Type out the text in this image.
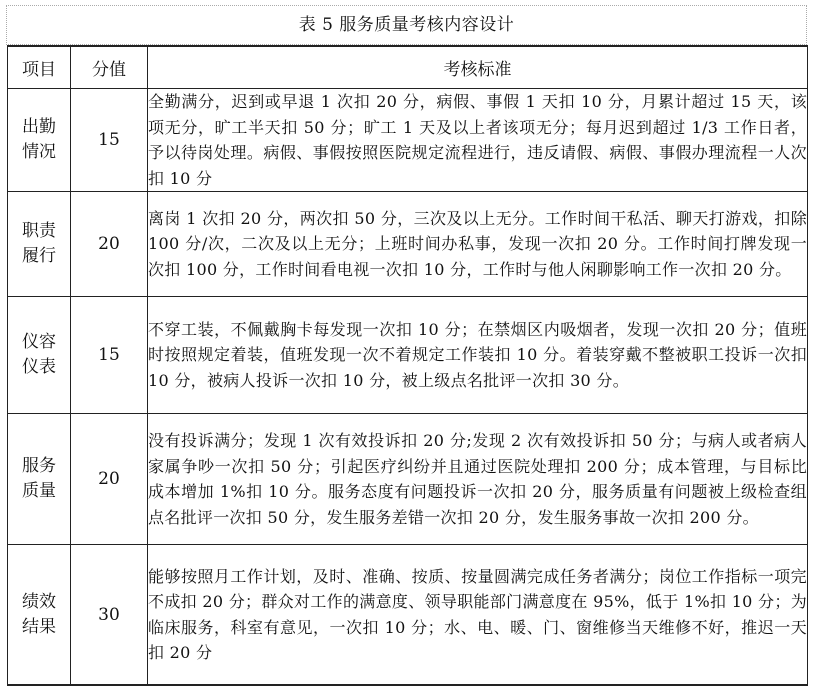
表 5 服务质量考核内容设计
项目	分值	考核标准

出勤
情况	15	全勤满分，迟到或早退 1 次扣 20 分，病假、事假 1 天扣 10 分，月累计超过 15 天，该项无分，旷工半天扣 50 分；旷工 1 天及以上者该项无分；每月迟到超过 1/3 工作日者，予以待岗处理。病假、事假按照医院规定流程进行，违反请假、病假、事假办理流程一人次扣 10 分

职责
履行	20	离岗 1 次扣 20 分，两次扣 50 分，三次及以上无分。工作时间干私活、聊天打游戏，扣除 100 分/次，二次及以上无分；上班时间办私事，发现一次扣 20 分。工作时间打牌发现一次扣 100 分，工作时间看电视一次扣 10 分，工作时与他人闲聊影响工作一次扣 20 分。

仪容
仪表	15	不穿工装，不佩戴胸卡每发现一次扣 10 分；在禁烟区内吸烟者，发现一次扣 20 分；值班时按照规定着装，值班发现一次不着规定工作装扣 10 分。着装穿戴不整被职工投诉一次扣 10 分，被病人投诉一次扣 10 分，被上级点名批评一次扣 30 分。

服务
质量	20	没有投诉满分；发现 1 次有效投诉扣 20 分;发现 2 次有效投诉扣 50 分；与病人或者病人家属争吵一次扣 50 分；引起医疗纠纷并且通过医院处理扣 200 分；成本管理，与目标比成本增加 1%扣 10 分。服务态度有问题投诉一次扣 20 分，服务质量有问题被上级检查组点名批评一次扣 50 分，发生服务差错一次扣 20 分，发生服务事故一次扣 200 分。

绩效
结果	30	能够按照月工作计划，及时、准确、按质、按量圆满完成任务者满分；岗位工作指标一项完不成扣 20 分；群众对工作的满意度、领导职能部门满意度在 95%，低于 1%扣 10 分；为临床服务，科室有意见，一次扣 10 分；水、电、暖、门、窗维修当天维修不好，推迟一天扣 20 分
